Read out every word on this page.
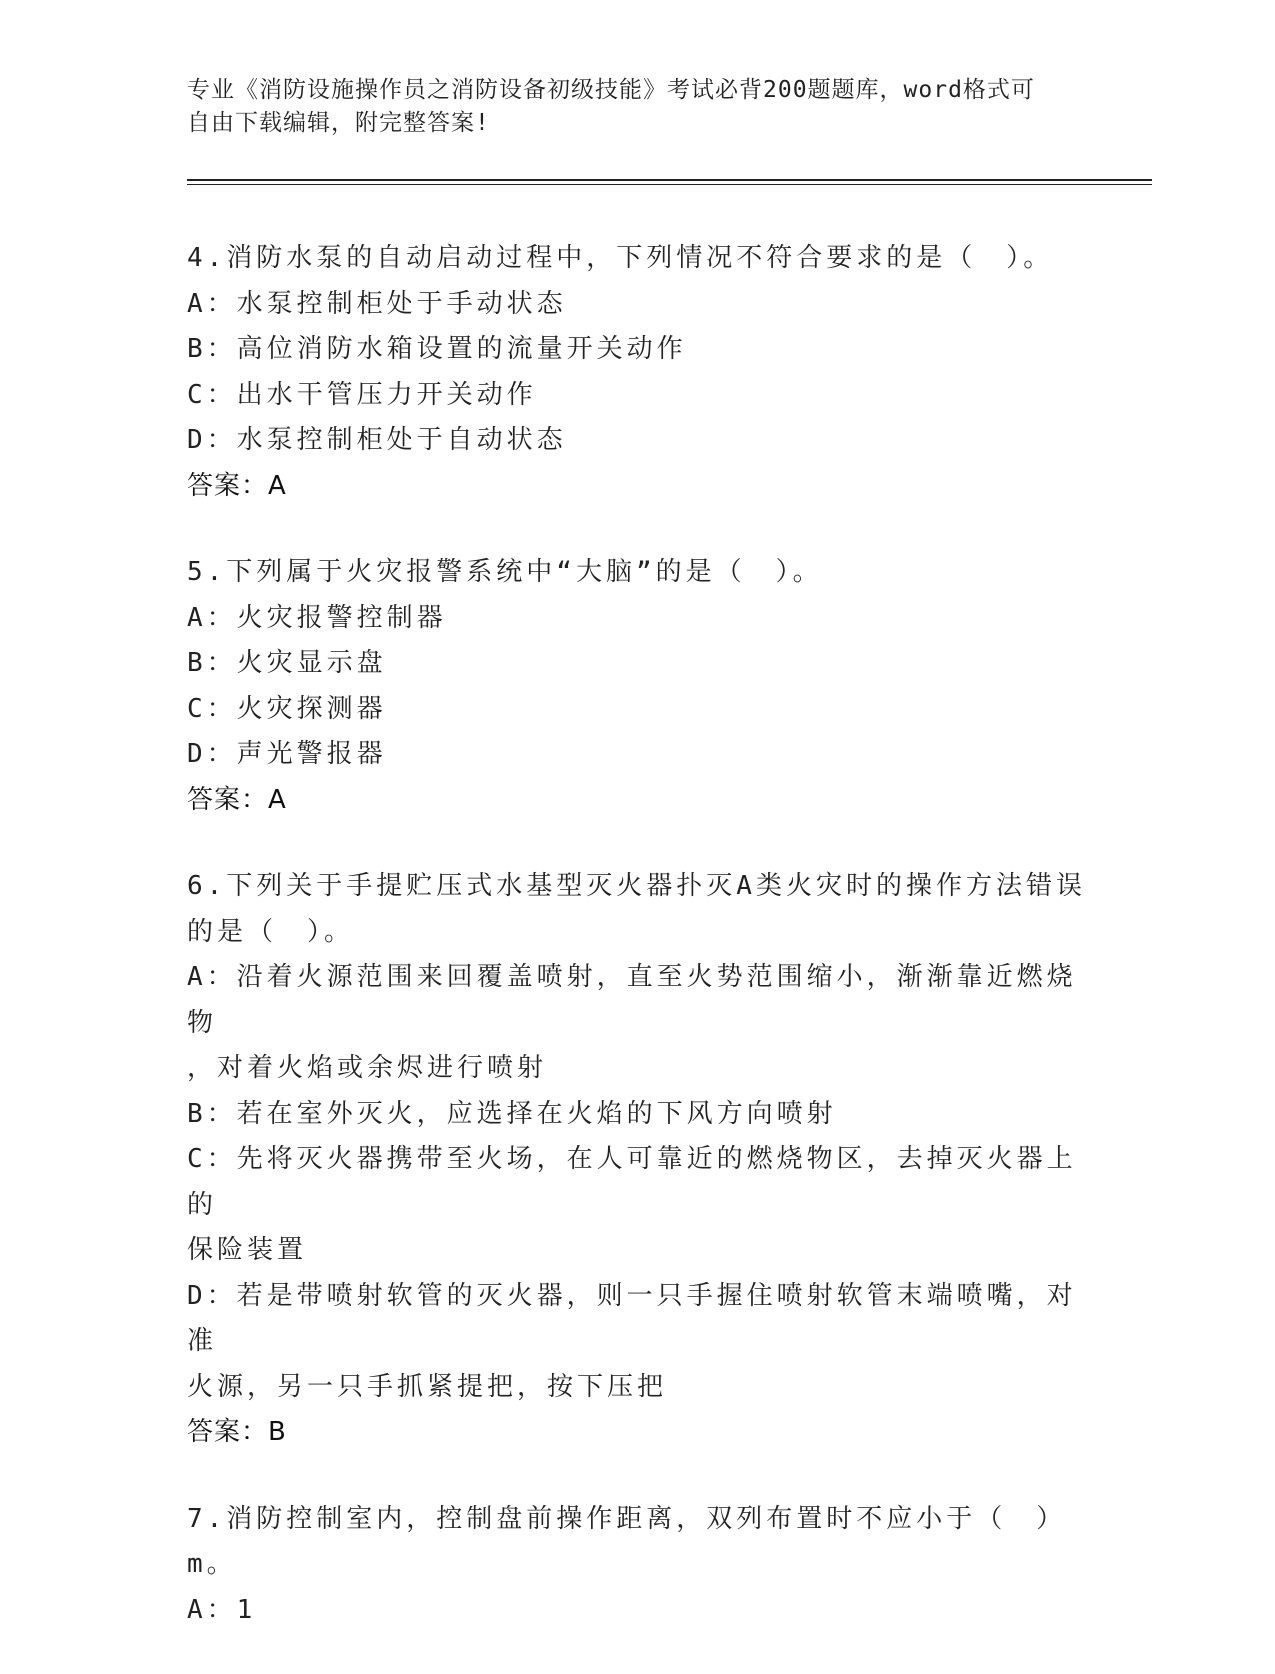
专业《消防设施操作员之消防设备初级技能》考试必背200题题库，word格式可
自由下载编辑，附完整答案!
4.消防水泵的自动启动过程中，下列情况不符合要求的是（　）。
A：水泵控制柜处于手动状态
B：高位消防水箱设置的流量开关动作
C：出水干管压力开关动作
D：水泵控制柜处于自动状态
答案：A
5.下列属于火灾报警系统中“大脑”的是（　）。
A：火灾报警控制器
B：火灾显示盘
C：火灾探测器
D：声光警报器
答案：A
6.下列关于手提贮压式水基型灭火器扑灭A类火灾时的操作方法错误
的是（　）。
A：沿着火源范围来回覆盖喷射，直至火势范围缩小，渐渐靠近燃烧物
，对着火焰或余烬进行喷射
B：若在室外灭火，应选择在火焰的下风方向喷射
C：先将灭火器携带至火场，在人可靠近的燃烧物区，去掉灭火器上的
保险装置
D：若是带喷射软管的灭火器，则一只手握住喷射软管末端喷嘴，对准
火源，另一只手抓紧提把，按下压把
答案：B
7.消防控制室内，控制盘前操作距离，双列布置时不应小于（　）m。
A：1
